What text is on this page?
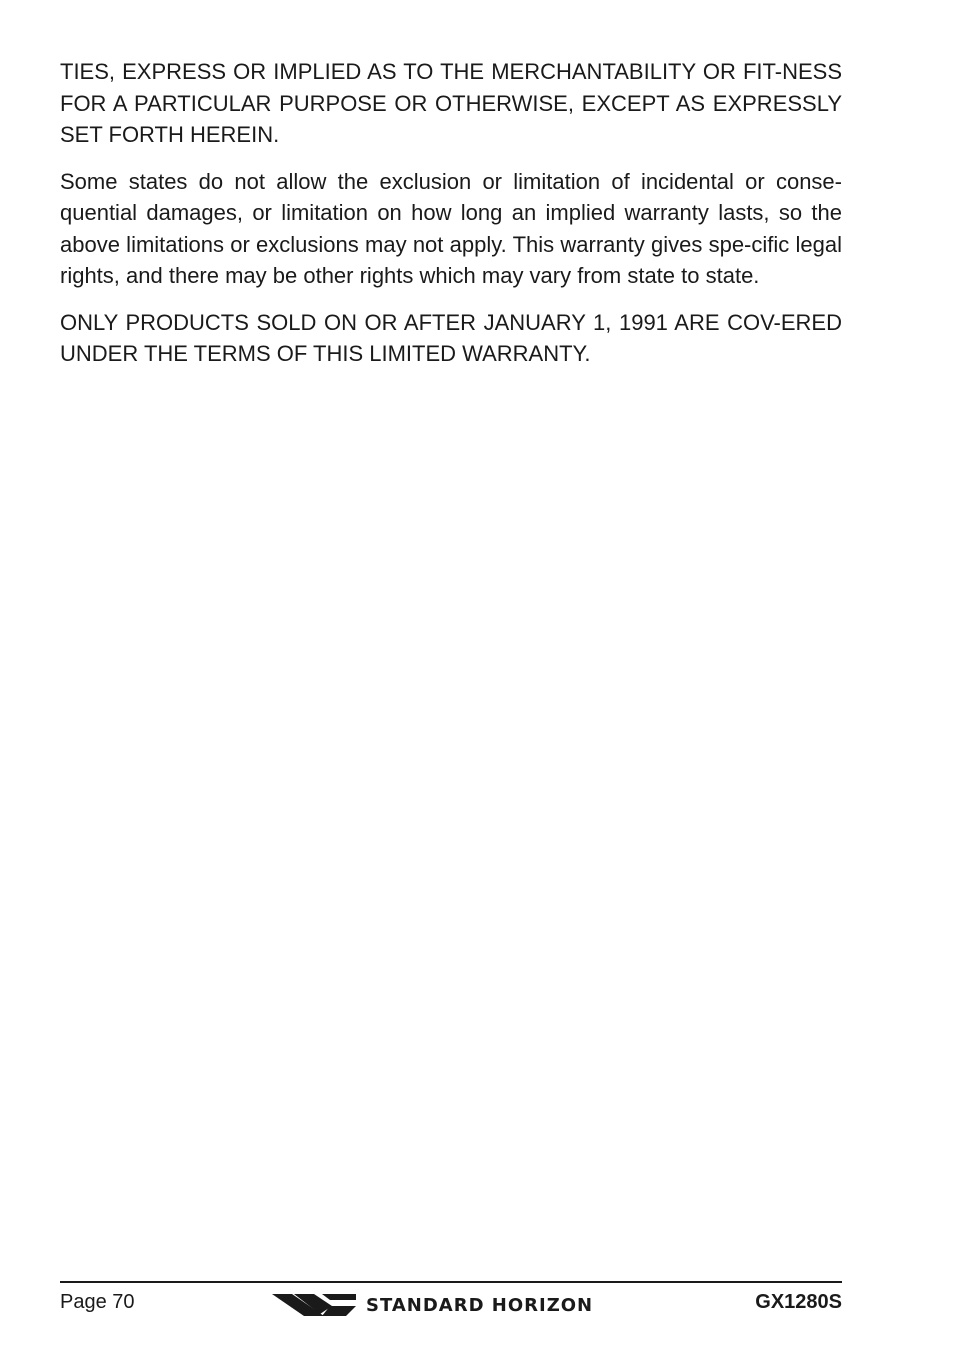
TIES, EXPRESS OR IMPLIED AS TO THE MERCHANTABILITY OR FIT-NESS FOR A PARTICULAR PURPOSE OR OTHERWISE, EXCEPT AS EXPRESSLY SET FORTH HEREIN.

Some states do not allow the exclusion or limitation of incidental or conse-quential damages, or limitation on how long an implied warranty lasts, so the above limitations or exclusions may not apply. This warranty gives spe-cific legal rights, and there may be other rights which may vary from state to state.

ONLY PRODUCTS SOLD ON OR AFTER JANUARY 1, 1991 ARE COV-ERED UNDER THE TERMS OF THIS LIMITED WARRANTY.

Page 70	STANDARD HORIZON	GX1280S
